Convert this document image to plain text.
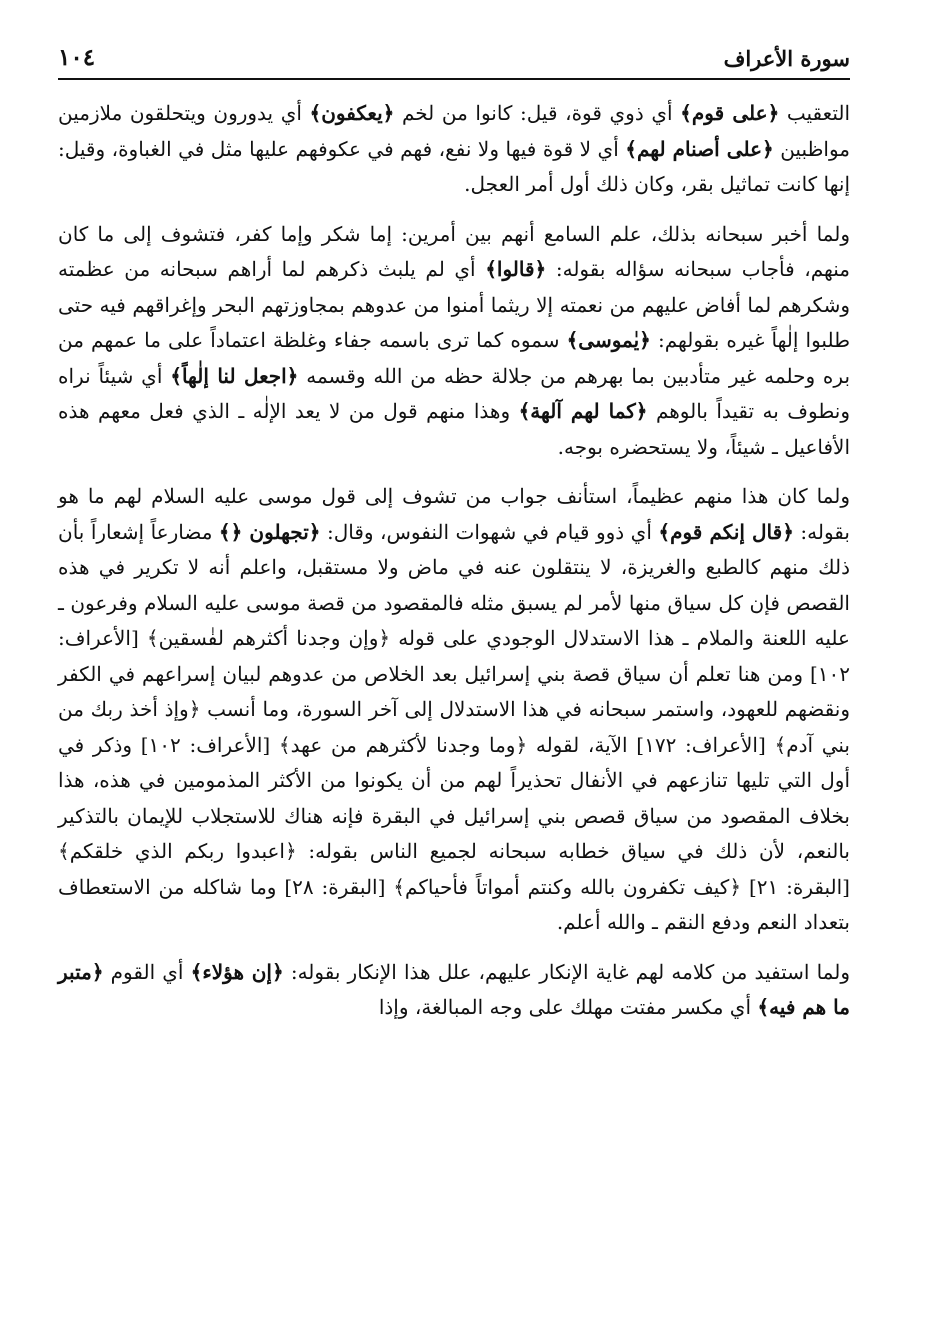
سورة الأعراف
١٠٤

التعقيب ﴿على قوم﴾ أي ذوي قوة، قيل: كانوا من لخم ﴿يعكفون﴾ أي يدورون ويتحلقون ملازمين مواظبين ﴿على أصنام لهم﴾ أي لا قوة فيها ولا نفع، فهم في عكوفهم عليها مثل في الغباوة، وقيل: إنها كانت تماثيل بقر، وكان ذلك أول أمر العجل.

ولما أخبر سبحانه بذلك، علم السامع أنهم بين أمرين: إما شكر وإما كفر، فتشوف إلى ما كان منهم، فأجاب سبحانه سؤاله بقوله: ﴿قالوا﴾ أي لم يلبث ذكرهم لما أراهم سبحانه من عظمته وشكرهم لما أفاض عليهم من نعمته إلا ريثما أمنوا من عدوهم بمجاوزتهم البحر وإغراقهم فيه حتى طلبوا إلٰهاً غيره بقولهم: ﴿يٰموسى﴾ سموه كما ترى باسمه جفاء وغلظة اعتماداً على ما عمهم من بره وحلمه غير متأدبين بما بهرهم من جلالة حظه من الله وقسمه ﴿اجعل لنا إلٰهاً﴾ أي شيئاً نراه ونطوف به تقيداً بالوهم ﴿كما لهم آلهة﴾ وهذا منهم قول من لا يعد الإلٰه ـ الذي فعل معهم هذه الأفاعيل ـ شيئاً، ولا يستحضره بوجه.

ولما كان هذا منهم عظيماً، استأنف جواب من تشوف إلى قول موسى عليه السلام لهم ما هو بقوله: ﴿قال إنكم قوم﴾ أي ذوو قيام في شهوات النفوس، وقال: ﴿تجهلون ﴿﴾ مضارعاً إشعاراً بأن ذلك منهم كالطبع والغريزة، لا ينتقلون عنه في ماض ولا مستقبل، واعلم أنه لا تكرير في هذه القصص فإن كل سياق منها لأمر لم يسبق مثله فالمقصود من قصة موسى عليه السلام وفرعون ـ عليه اللعنة والملام ـ هذا الاستدلال الوجودي على قوله ﴿وإن وجدنا أكثرهم لفٰسقين﴾ [الأعراف: ١٠٢] ومن هنا تعلم أن سياق قصة بني إسرائيل بعد الخلاص من عدوهم لبيان إسراعهم في الكفر ونقضهم للعهود، واستمر سبحانه في هذا الاستدلال إلى آخر السورة، وما أنسب ﴿وإذ أخذ ربك من بني آدم﴾ [الأعراف: ١٧٢] الآية، لقوله ﴿وما وجدنا لأكثرهم من عهد﴾ [الأعراف: ١٠٢] وذكر في أول التي تليها تنازعهم في الأنفال تحذيراً لهم من أن يكونوا من الأكثر المذمومين في هذه، هذا بخلاف المقصود من سياق قصص بني إسرائيل في البقرة فإنه هناك للاستجلاب للإيمان بالتذكير بالنعم، لأن ذلك في سياق خطابه سبحانه لجميع الناس بقوله: ﴿اعبدوا ربكم الذي خلقكم﴾ [البقرة: ٢١] ﴿كيف تكفرون بالله وكنتم أمواتاً فأحياكم﴾ [البقرة: ٢٨] وما شاكله من الاستعطاف بتعداد النعم ودفع النقم ـ والله أعلم.

ولما استفيد من كلامه لهم غاية الإنكار عليهم، علل هذا الإنكار بقوله: ﴿إن هؤلاء﴾ أي القوم ﴿متبر ما هم فيه﴾ أي مكسر مفتت مهلك على وجه المبالغة، وإذا
